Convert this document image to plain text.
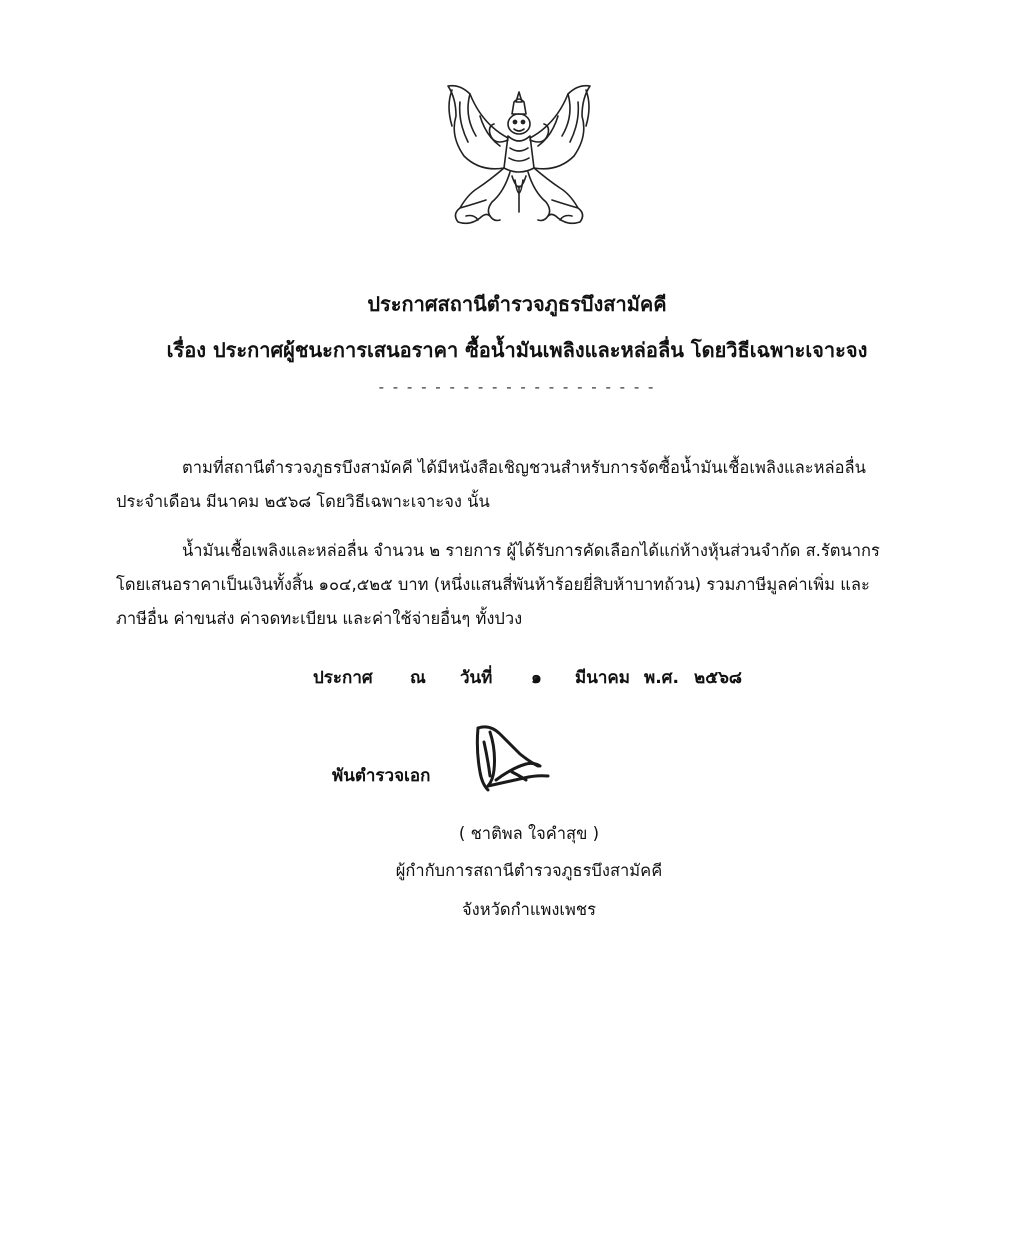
ประกาศสถานีตำรวจภูธรบึงสามัคคี
เรื่อง ประกาศผู้ชนะการเสนอราคา ซื้อน้ำมันเพลิงและหล่อลื่น โดยวิธีเฉพาะเจาะจง
- - - - - - - - - - - - - - - - - - - -
ตามที่สถานีตำรวจภูธรบึงสามัคคี ได้มีหนังสือเชิญชวนสำหรับการจัดซื้อน้ำมันเชื้อเพลิงและหล่อลื่น
ประจำเดือน มีนาคม ๒๕๖๘ โดยวิธีเฉพาะเจาะจง นั้น
น้ำมันเชื้อเพลิงและหล่อลื่น จำนวน ๒ รายการ ผู้ได้รับการคัดเลือกได้แก่ห้างหุ้นส่วนจำกัด ส.รัตนากร
โดยเสนอราคาเป็นเงินทั้งสิ้น ๑๐๔,๕๒๕ บาท (หนึ่งแสนสี่พันห้าร้อยยี่สิบห้าบาทถ้วน) รวมภาษีมูลค่าเพิ่ม และ
ภาษีอื่น ค่าขนส่ง ค่าจดทะเบียน และค่าใช้จ่ายอื่นๆ ทั้งปวง
ประกาศ ณ วันที่ ๑ มีนาคม พ.ศ. ๒๕๖๘
พันตำรวจเอก
( ชาติพล ใจคำสุข )
ผู้กำกับการสถานีตำรวจภูธรบึงสามัคคี
จังหวัดกำแพงเพชร
